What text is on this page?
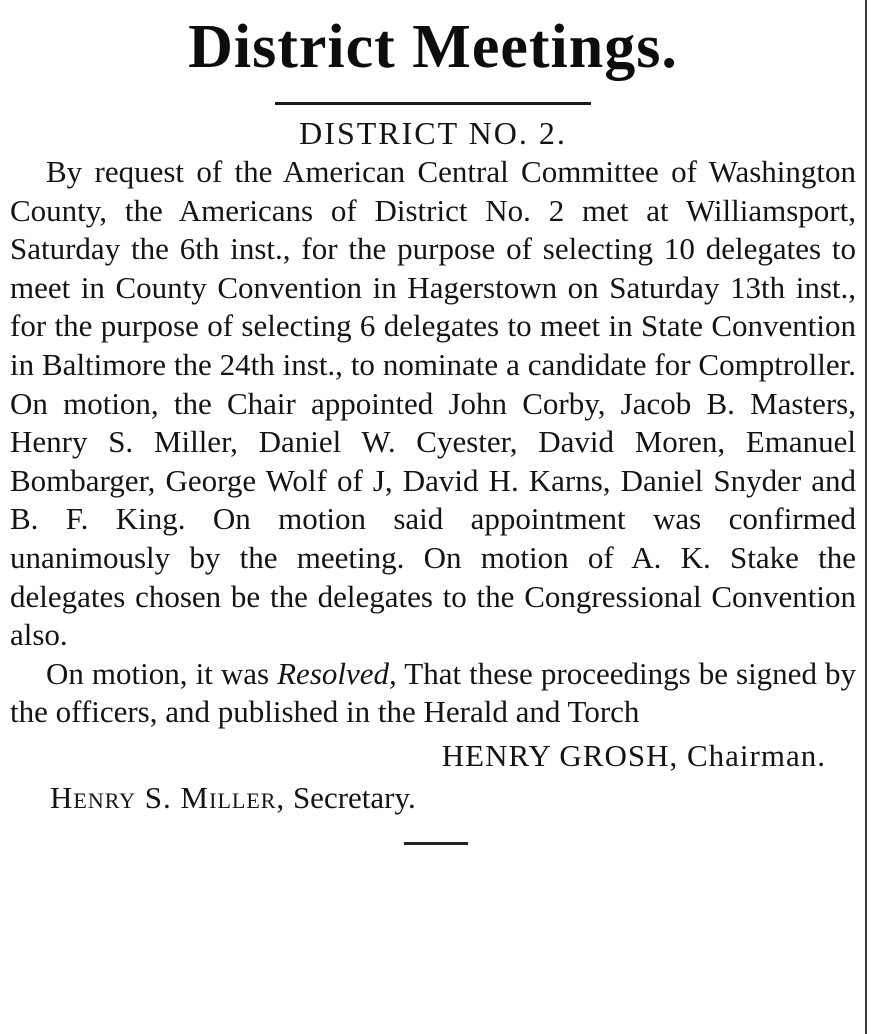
District Meetings.
DISTRICT NO. 2.

By request of the American Central Committee of Washington County, the Americans of District No. 2 met at Williamsport, Saturday the 6th inst., for the purpose of selecting 10 delegates to meet in County Convention in Hagerstown on Saturday 13th inst., for the purpose of selecting 6 delegates to meet in State Convention in Baltimore the 24th inst., to nominate a candidate for Comptroller. On motion, the Chair appointed John Corby, Jacob B. Masters, Henry S. Miller, Daniel W. Cyester, David Moren, Emanuel Bombarger, George Wolf of J, David H. Karns, Daniel Snyder and B. F. King. On motion said appointment was confirmed unanimously by the meeting. On motion of A. K. Stake the delegates chosen be the delegates to the Congressional Convention also.

On motion, it was Resolved, That these proceedings be signed by the officers, and published in the Herald and Torch

HENRY GROSH, Chairman.
Henry S. Miller, Secretary.
